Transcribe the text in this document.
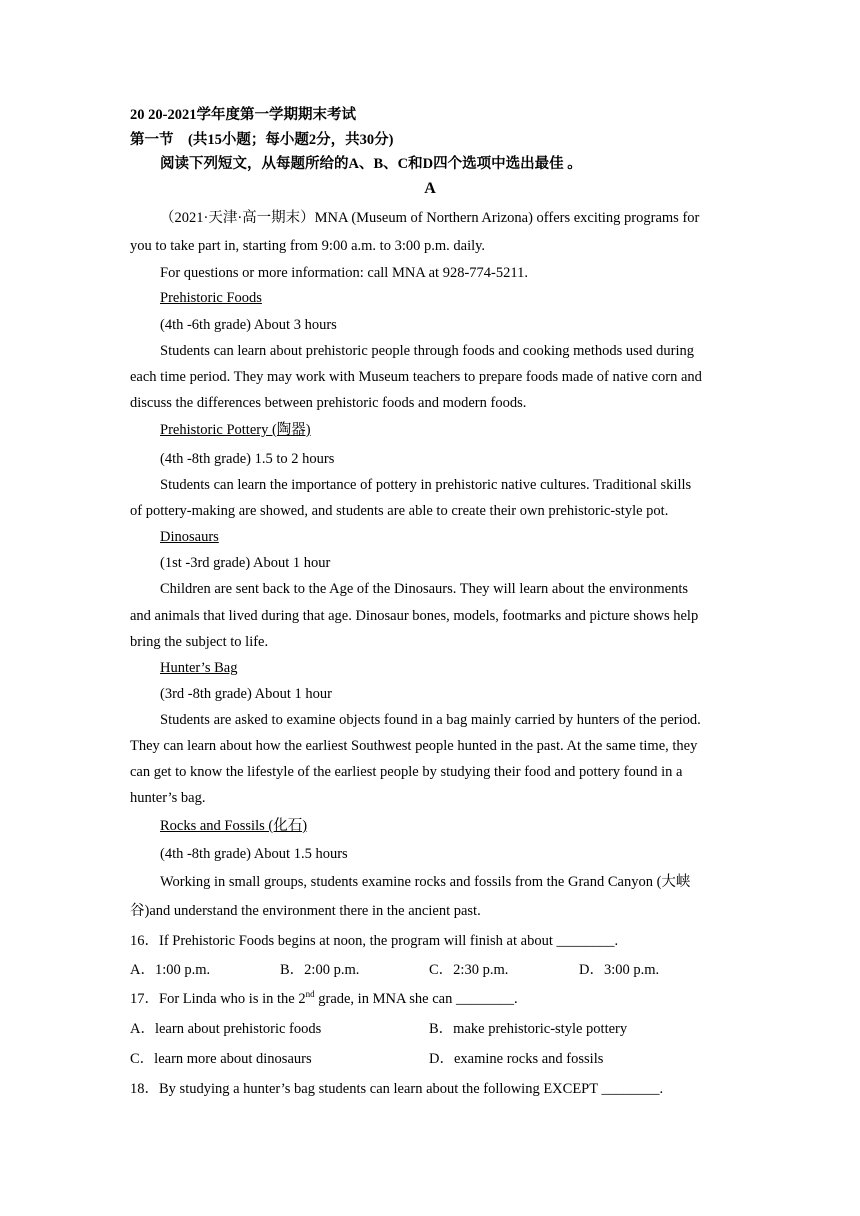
20 20-2021学年度第一学期期末考试
第一节    (共15小题；每小题2分，共30分)
阅读下列短文，从每题所给的A、B、C和D四个选项中选出最佳 。
A
（2021·天津·高一期末）MNA (Museum of Northern Arizona) offers exciting programs for
you to take part in, starting from 9:00 a.m. to 3:00 p.m. daily.
For questions or more information: call MNA at 928-774-5211.
Prehistoric Foods
(4th -6th grade) About 3 hours
Students can learn about prehistoric people through foods and cooking methods used during
each time period. They may work with Museum teachers to prepare foods made of native corn and
discuss the differences between prehistoric foods and modern foods.
Prehistoric Pottery (陶器)
(4th -8th grade) 1.5 to 2 hours
Students can learn the importance of pottery in prehistoric native cultures. Traditional skills
of pottery-making are showed, and students are able to create their own prehistoric-style pot.
Dinosaurs
(1st -3rd grade) About 1 hour
Children are sent back to the Age of the Dinosaurs. They will learn about the environments
and animals that lived during that age. Dinosaur bones, models, footmarks and picture shows help
bring the subject to life.
Hunter’s Bag
(3rd -8th grade) About 1 hour
Students are asked to examine objects found in a bag mainly carried by hunters of the period.
They can learn about how the earliest Southwest people hunted in the past. At the same time, they
can get to know the lifestyle of the earliest people by studying their food and pottery found in a
hunter’s bag.
Rocks and Fossils (化石)
(4th -8th grade) About 1.5 hours
Working in small groups, students examine rocks and fossils from the Grand Canyon (大峡
谷)and understand the environment there in the ancient past.
16．If Prehistoric Foods begins at noon, the program will finish at about ________.
A．1:00 p.m.	B．2:00 p.m.	C．2:30 p.m.	D．3:00 p.m.
17．For Linda who is in the 2nd grade, in MNA she can ________.
A．learn about prehistoric foods	B．make prehistoric-style pottery
C．learn more about dinosaurs	D．examine rocks and fossils
18．By studying a hunter’s bag students can learn about the following EXCEPT ________.
